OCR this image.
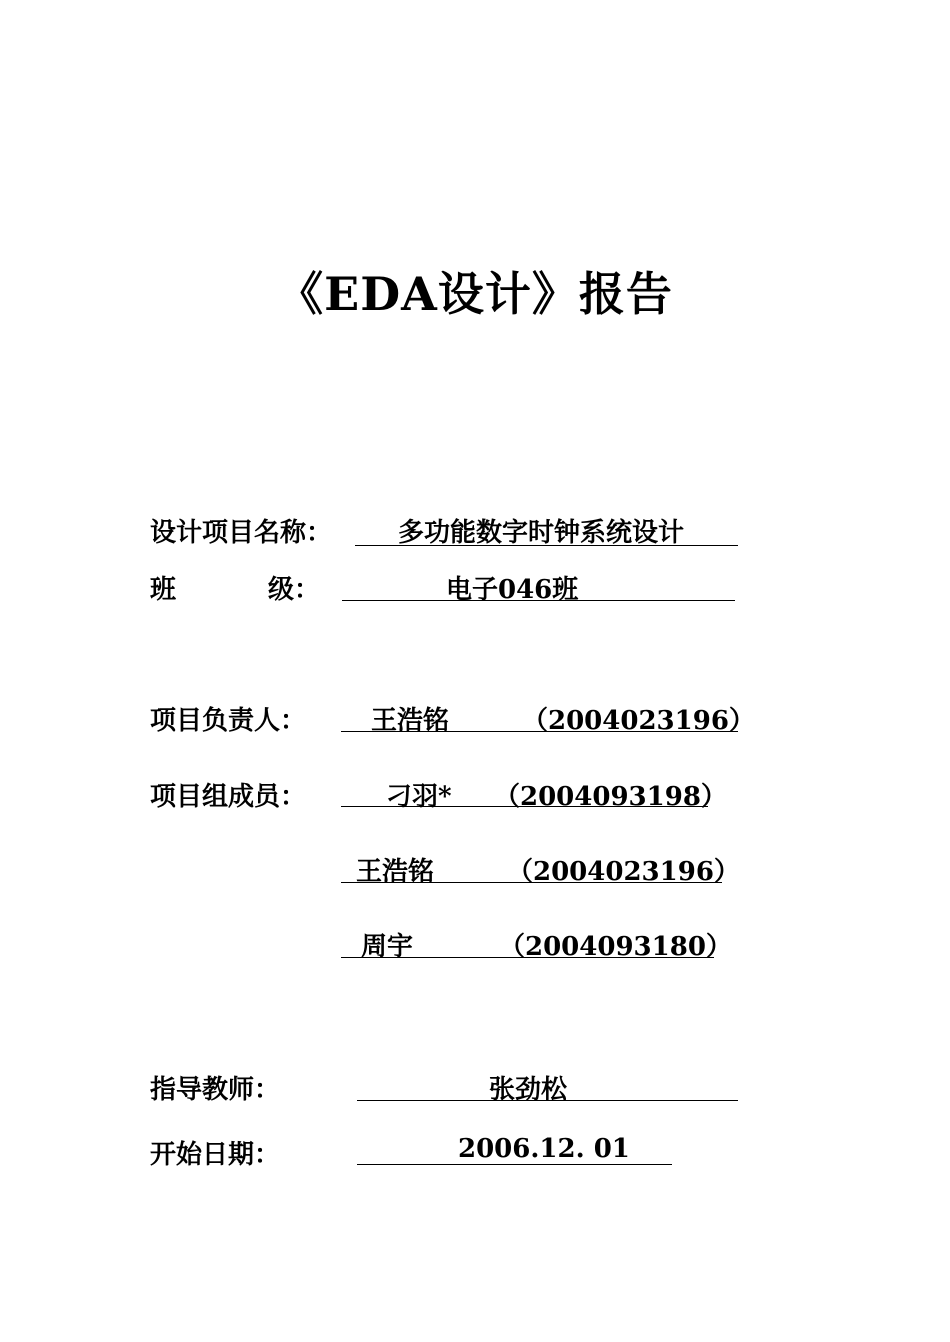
《EDA设计》报告
设计项目名称：	多功能数字时钟系统设计
班	级：	电子046班
项目负责人： 王浩铭	（2004023196）
项目组成员：	刁羽* （2004093198）
王浩铭	（2004023196）
周宇	（2004093180）
指导教师：	张劲松
开始日期：	2006.12. 01
